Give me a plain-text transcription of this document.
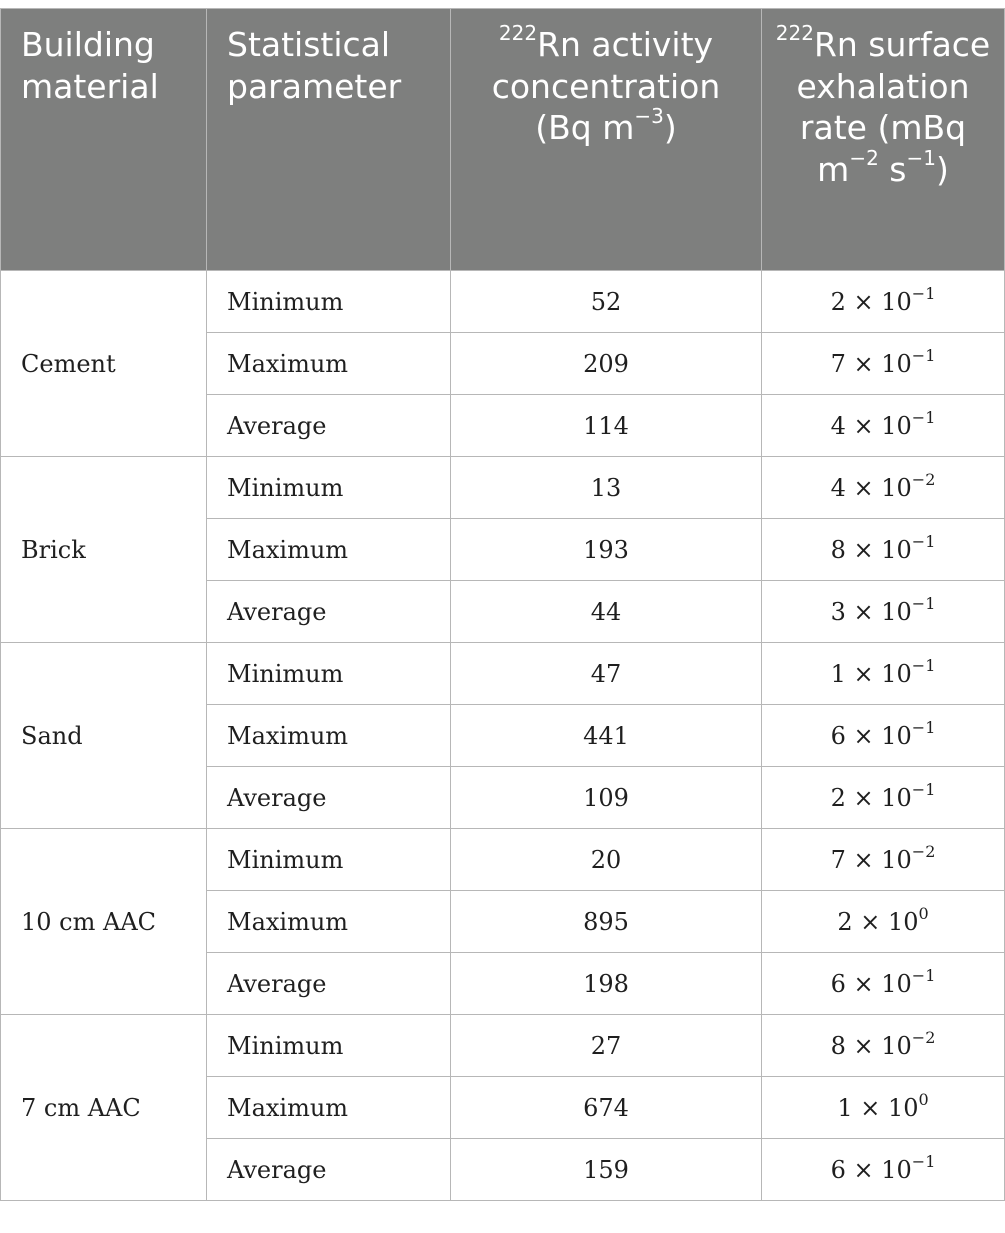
Building material	Statistical parameter	$^{222}$Rn activity concentration (Bq $m^{-3}$)	$^{222}$Rn surface exhalation rate (mBq $m^{-2}$ $s^{-1}$)
Cement	Minimum	52	$2 \times 10^{-1}$
	Maximum	209	$7 \times 10^{-1}$
	Average	114	$4 \times 10^{-1}$
Brick	Minimum	13	$4 \times 10^{-2}$
	Maximum	193	$8 \times 10^{-1}$
	Average	44	$3 \times 10^{-1}$
Sand	Minimum	47	$1 \times 10^{-1}$
	Maximum	441	$6 \times 10^{-1}$
	Average	109	$2 \times 10^{-1}$
10 cm AAC	Minimum	20	$7 \times 10^{-2}$
	Maximum	895	$2 \times 10^0$
	Average	198	$6 \times 10^{-1}$
7 cm AAC	Minimum	27	$8 \times 10^{-2}$
	Maximum	674	$1 \times 10^0$
	Average	159	$6 \times 10^{-1}$
